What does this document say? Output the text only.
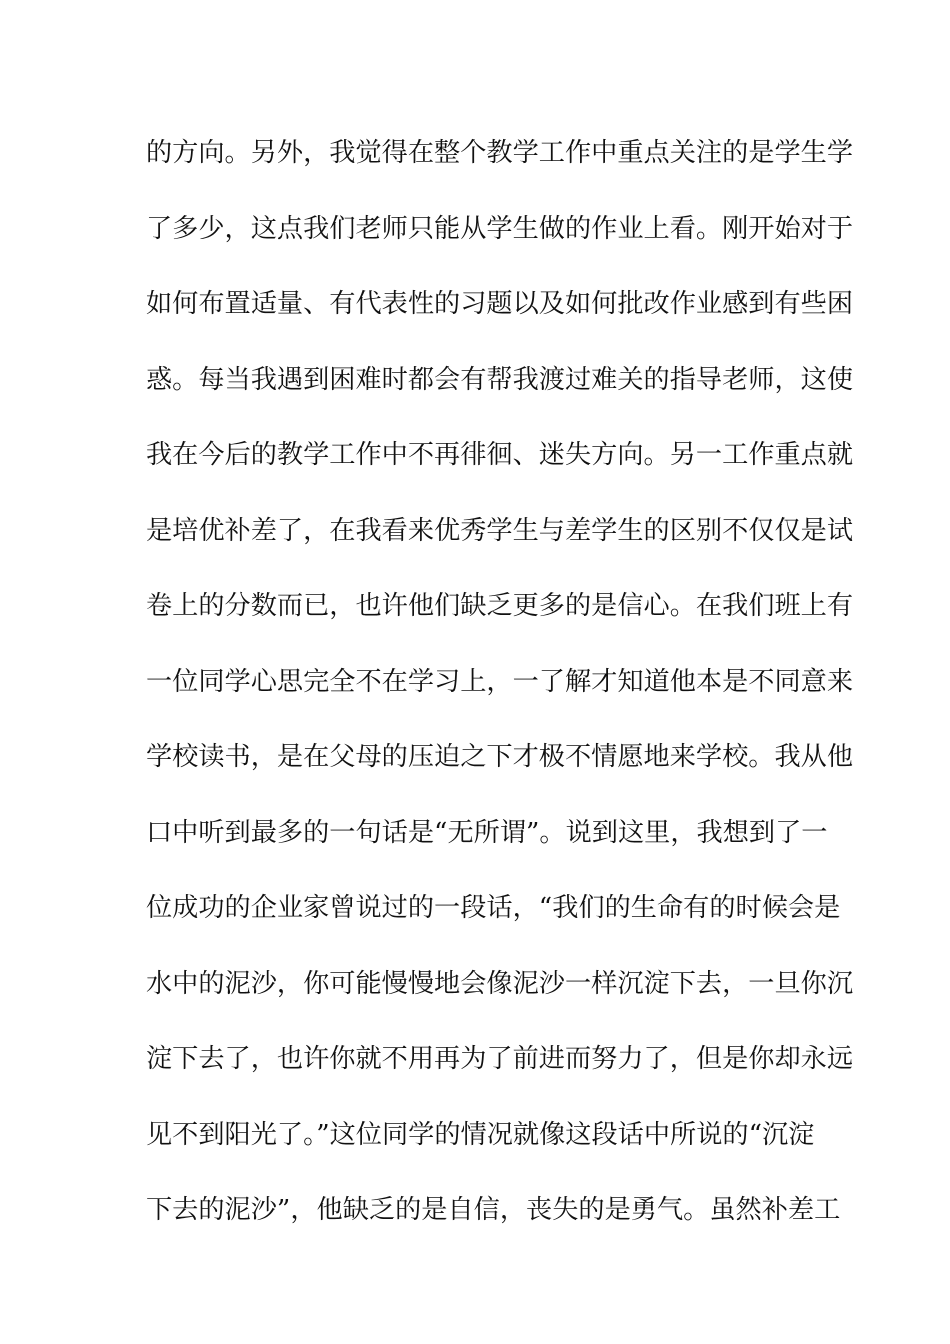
的方向。另外，我觉得在整个教学工作中重点关注的是学生学
了多少，这点我们老师只能从学生做的作业上看。刚开始对于
如何布置适量、有代表性的习题以及如何批改作业感到有些困
惑。每当我遇到困难时都会有帮我渡过难关的指导老师，这使
我在今后的教学工作中不再徘徊、迷失方向。另一工作重点就
是培优补差了，在我看来优秀学生与差学生的区别不仅仅是试
卷上的分数而已，也许他们缺乏更多的是信心。在我们班上有
一位同学心思完全不在学习上，一了解才知道他本是不同意来
学校读书，是在父母的压迫之下才极不情愿地来学校。我从他
口中听到最多的一句话是“无所谓”。说到这里，我想到了一
位成功的企业家曾说过的一段话，“我们的生命有的时候会是
水中的泥沙，你可能慢慢地会像泥沙一样沉淀下去，一旦你沉
淀下去了，也许你就不用再为了前进而努力了，但是你却永远
见不到阳光了。”这位同学的情况就像这段话中所说的“沉淀
下去的泥沙”，他缺乏的是自信，丧失的是勇气。虽然补差工
